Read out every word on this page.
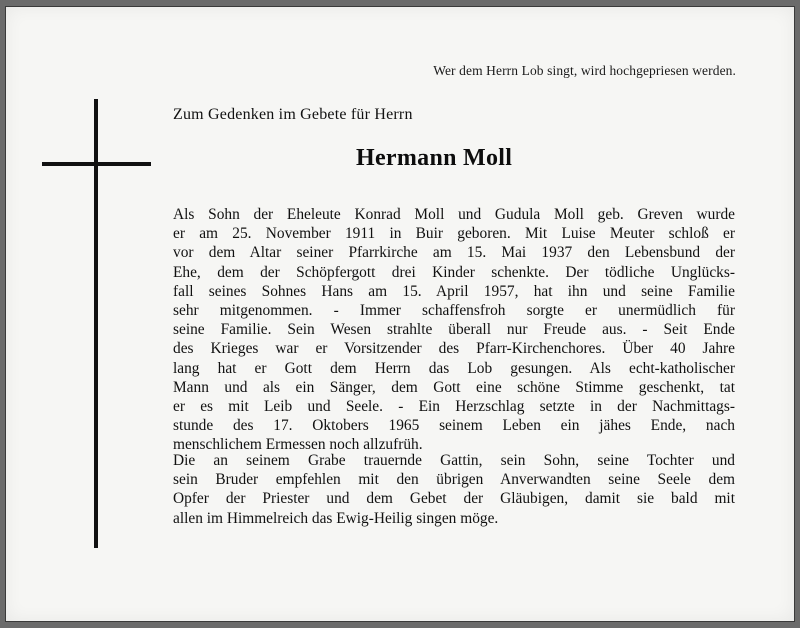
Wer dem Herrn Lob singt, wird hochgepriesen werden.
Zum Gedenken im Gebete für Herrn
Hermann Moll
Als Sohn der Eheleute Konrad Moll und Gudula Moll geb. Greven wurde
er am 25. November 1911 in Buir geboren. Mit Luise Meuter schloß er
vor dem Altar seiner Pfarrkirche am 15. Mai 1937 den Lebensbund der
Ehe, dem der Schöpfergott drei Kinder schenkte. Der tödliche Unglücks-
fall seines Sohnes Hans am 15. April 1957, hat ihn und seine Familie
sehr mitgenommen. - Immer schaffensfroh sorgte er unermüdlich für
seine Familie. Sein Wesen strahlte überall nur Freude aus. - Seit Ende
des Krieges war er Vorsitzender des Pfarr-Kirchenchores. Über 40 Jahre
lang hat er Gott dem Herrn das Lob gesungen. Als echt-katholischer
Mann und als ein Sänger, dem Gott eine schöne Stimme geschenkt, tat
er es mit Leib und Seele. - Ein Herzschlag setzte in der Nachmittags-
stunde des 17. Oktobers 1965 seinem Leben ein jähes Ende, nach
menschlichem Ermessen noch allzufrüh.
Die an seinem Grabe trauernde Gattin, sein Sohn, seine Tochter und
sein Bruder empfehlen mit den übrigen Anverwandten seine Seele dem
Opfer der Priester und dem Gebet der Gläubigen, damit sie bald mit
allen im Himmelreich das Ewig-Heilig singen möge.
